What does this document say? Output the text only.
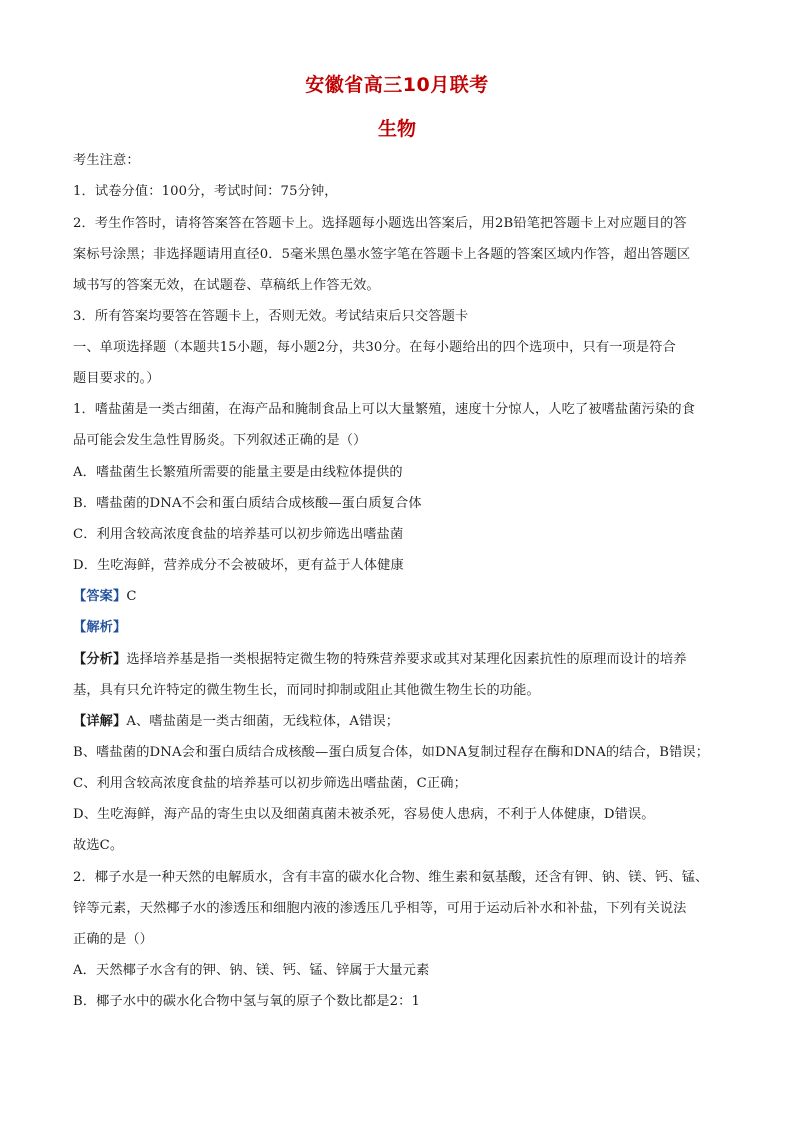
安徽省高三10月联考
生物
考生注意：
1．试卷分值：100分，考试时间：75分钟，
2．考生作答时，请将答案答在答题卡上。选择题每小题选出答案后，用2B铅笔把答题卡上对应题目的答
案标号涂黑；非选择题请用直径0．5毫米黑色墨水签字笔在答题卡上各题的答案区域内作答，超出答题区
域书写的答案无效，在试题卷、草稿纸上作答无效。
3．所有答案均要答在答题卡上，否则无效。考试结束后只交答题卡
一、单项选择题（本题共15小题，每小题2分，共30分。在每小题给出的四个选项中，只有一项是符合
题目要求的。）
1．嗜盐菌是一类古细菌，在海产品和腌制食品上可以大量繁殖，速度十分惊人，人吃了被嗜盐菌污染的食
品可能会发生急性胃肠炎。下列叙述正确的是（）
A．嗜盐菌生长繁殖所需要的能量主要是由线粒体提供的
B．嗜盐菌的DNA不会和蛋白质结合成核酸—蛋白质复合体
C．利用含较高浓度食盐的培养基可以初步筛选出嗜盐菌
D．生吃海鲜，营养成分不会被破坏，更有益于人体健康
【答案】C
【解析】
【分析】选择培养基是指一类根据特定微生物的特殊营养要求或其对某理化因素抗性的原理而设计的培养
基，具有只允许特定的微生物生长，而同时抑制或阻止其他微生物生长的功能。
【详解】A、嗜盐菌是一类古细菌，无线粒体，A错误；
B、嗜盐菌的DNA会和蛋白质结合成核酸—蛋白质复合体，如DNA复制过程存在酶和DNA的结合，B错误；
C、利用含较高浓度食盐的培养基可以初步筛选出嗜盐菌，C正确；
D、生吃海鲜，海产品的寄生虫以及细菌真菌未被杀死，容易使人患病，不利于人体健康，D错误。
故选C。
2．椰子水是一种天然的电解质水，含有丰富的碳水化合物、维生素和氨基酸，还含有钾、钠、镁、钙、锰、
锌等元素，天然椰子水的渗透压和细胞内液的渗透压几乎相等，可用于运动后补水和补盐，下列有关说法
正确的是（）
A．天然椰子水含有的钾、钠、镁、钙、锰、锌属于大量元素
B．椰子水中的碳水化合物中氢与氧的原子个数比都是2：1
